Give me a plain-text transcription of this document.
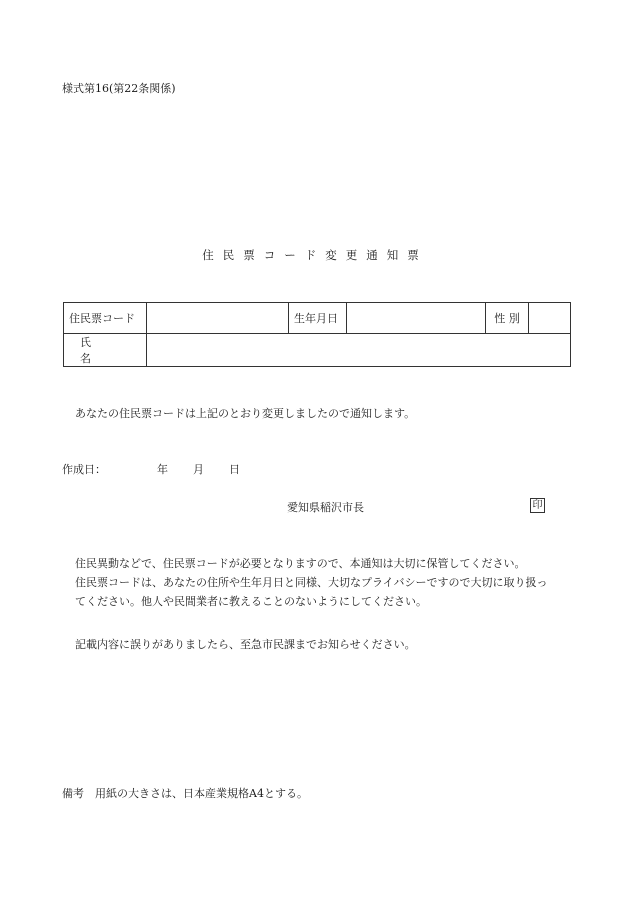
様式第16(第22条関係)
住民票コード変更通知票
住民票コード		生年月日		性 別	
氏名					
あなたの住民票コードは上記のとおり変更しましたので通知します。
作成日：	年 月 日
愛知県稲沢市長	印
住民異動などで、住民票コードが必要となりますので、本通知は大切に保管してください。
住民票コードは、あなたの住所や生年月日と同様、大切なプライバシーですので大切に取り扱っ
てください。他人や民間業者に教えることのないようにしてください。
記載内容に誤りがありましたら、至急市民課までお知らせください。
備考　用紙の大きさは、日本産業規格A4とする。
